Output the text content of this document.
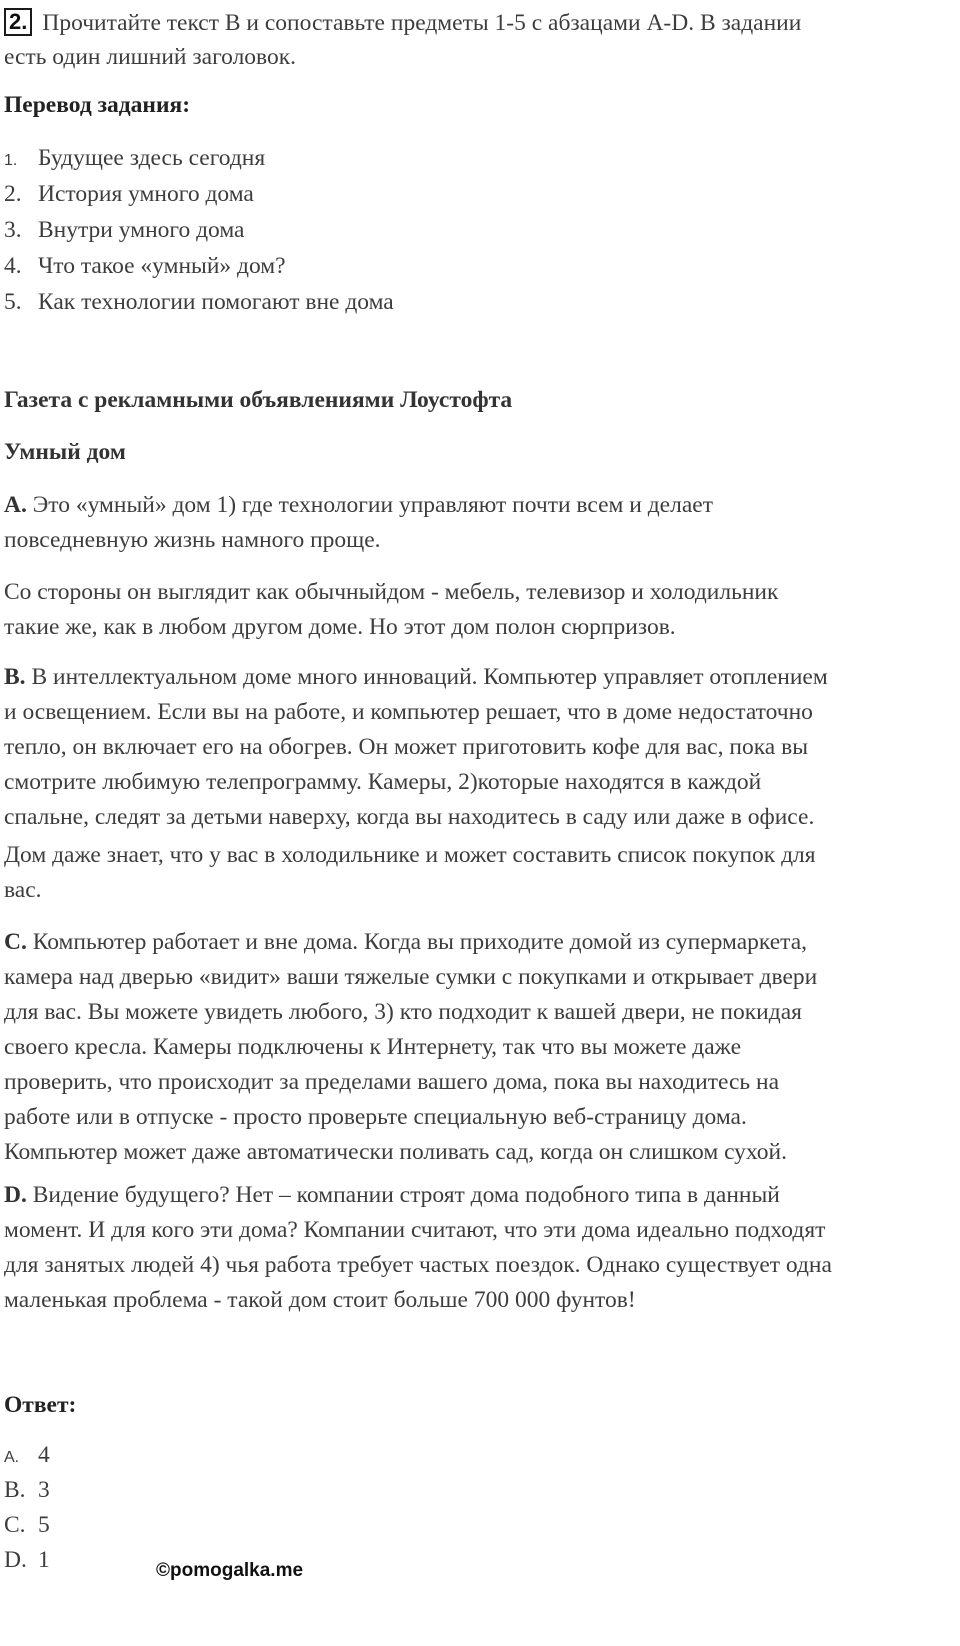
2. Прочитайте текст B и сопоставьте предметы 1-5 с абзацами A-D. В задании
есть один лишний заголовок.
Перевод задания:
1. Будущее здесь сегодня
2. История умного дома
3. Внутри умного дома
4. Что такое «умный» дом?
5. Как технологии помогают вне дома
Газета с рекламными объявлениями Лоустофта
Умный дом
A. Это «умный» дом 1) где технологии управляют почти всем и делает
повседневную жизнь намного проще.
Со стороны он выглядит как обычныйдом - мебель, телевизор и холодильник
такие же, как в любом другом доме. Но этот дом полон сюрпризов.
B. В интеллектуальном доме много инноваций. Компьютер управляет отоплением
и освещением. Если вы на работе, и компьютер решает, что в доме недостаточно
тепло, он включает его на обогрев. Он может приготовить кофе для вас, пока вы
смотрите любимую телепрограмму. Камеры, 2)которые находятся в каждой
спальне, следят за детьми наверху, когда вы находитесь в саду или даже в офисе.
Дом даже знает, что у вас в холодильнике и может составить список покупок для
вас.
C. Компьютер работает и вне дома. Когда вы приходите домой из супермаркета,
камера над дверью «видит» ваши тяжелые сумки с покупками и открывает двери
для вас. Вы можете увидеть любого, 3) кто подходит к вашей двери, не покидая
своего кресла. Камеры подключены к Интернету, так что вы можете даже
проверить, что происходит за пределами вашего дома, пока вы находитесь на
работе или в отпуске - просто проверьте специальную веб-страницу дома.
Компьютер может даже автоматически поливать сад, когда он слишком сухой.
D. Видение будущего? Нет – компании строят дома подобного типа в данный
момент. И для кого эти дома? Компании считают, что эти дома идеально подходят
для занятых людей 4) чья работа требует частых поездок. Однако существует одна
маленькая проблема - такой дом стоит больше 700 000 фунтов!
Ответ:
A. 4
B. 3
C. 5
D. 1	©pomogalka.me
